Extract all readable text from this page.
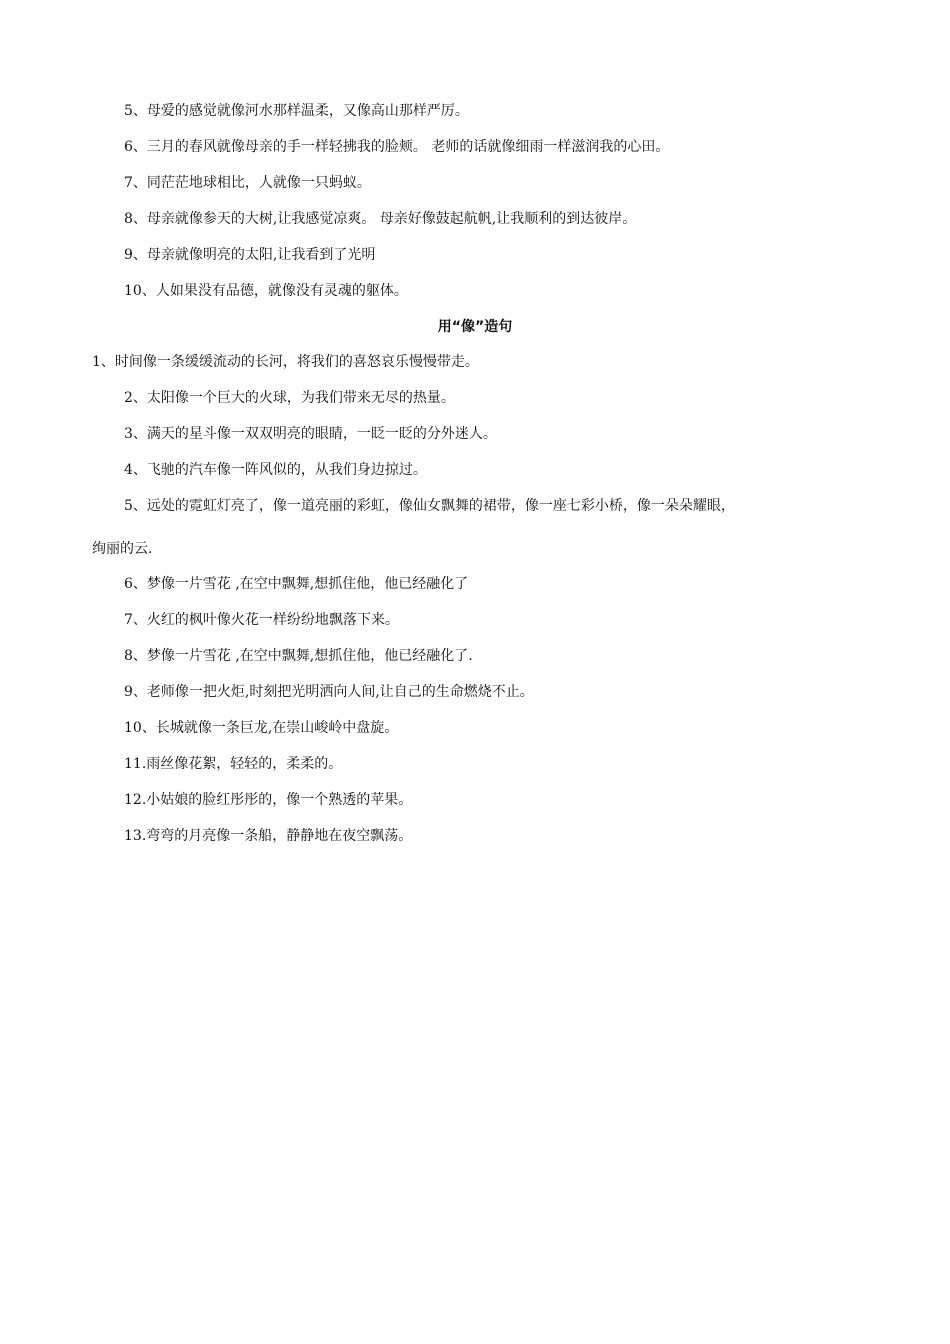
5、母爱的感觉就像河水那样温柔，又像高山那样严厉。
6、三月的春风就像母亲的手一样轻拂我的脸颊。 老师的话就像细雨一样滋润我的心田。
7、同茫茫地球相比，人就像一只蚂蚁。
8、母亲就像参天的大树,让我感觉凉爽。 母亲好像鼓起航帆,让我顺利的到达彼岸。
9、母亲就像明亮的太阳,让我看到了光明
10、人如果没有品德，就像没有灵魂的躯体。
用“像”造句
1、时间像一条缓缓流动的长河，将我们的喜怒哀乐慢慢带走。
2、太阳像一个巨大的火球，为我们带来无尽的热量。
3、满天的星斗像一双双明亮的眼睛，一眨一眨的分外迷人。
4、飞驰的汽车像一阵风似的，从我们身边掠过。
5、远处的霓虹灯亮了，像一道亮丽的彩虹，像仙女飘舞的裙带，像一座七彩小桥，像一朵朵耀眼，
绚丽的云.
6、梦像一片雪花 ,在空中飘舞,想抓住他，他已经融化了
7、火红的枫叶像火花一样纷纷地飘落下来。
8、梦像一片雪花 ,在空中飘舞,想抓住他，他已经融化了.
9、老师像一把火炬,时刻把光明洒向人间,让自己的生命燃烧不止。
10、长城就像一条巨龙,在崇山峻岭中盘旋。
11.雨丝像花絮，轻轻的，柔柔的。
12.小姑娘的脸红彤彤的，像一个熟透的苹果。
13.弯弯的月亮像一条船，静静地在夜空飘荡。
